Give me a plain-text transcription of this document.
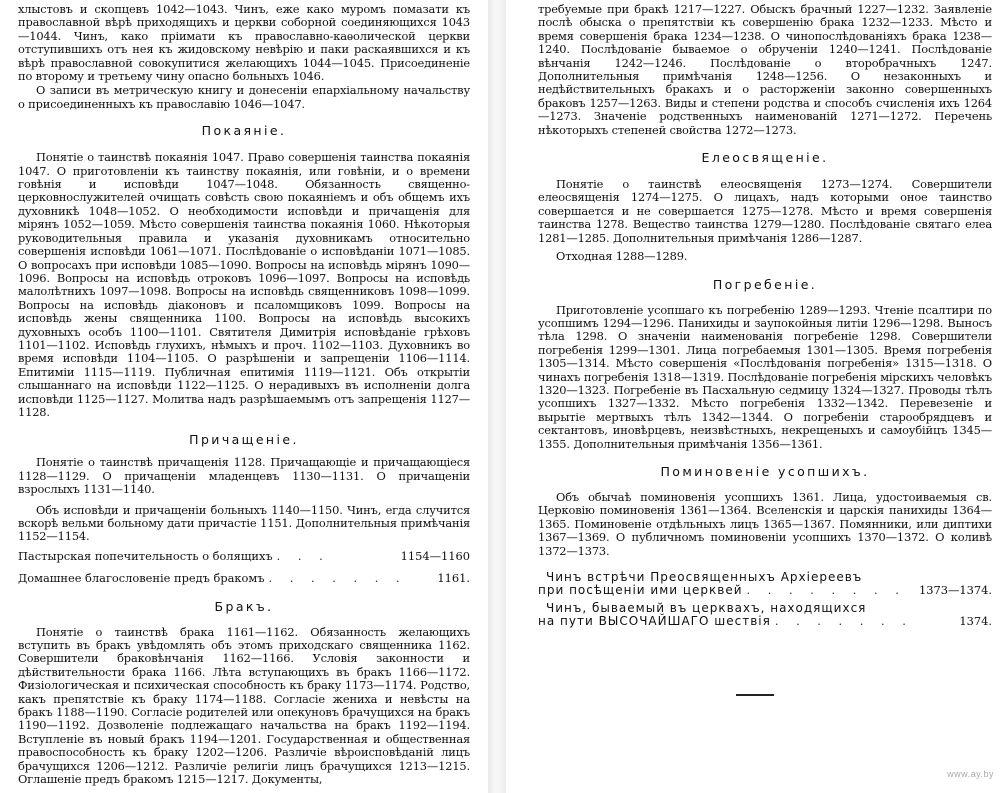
хлыстовъ и скопцевъ 1042—1043. Чинъ, еже како муромъ помазати къ православной вѣрѣ приходящихъ и церкви соборной соединяющихся 1043—1044. Чинъ, како пріимати къ православно-каѳолической церкви отступившихъ отъ нея къ жидовскому невѣрію и паки раскаявшихся и къ вѣрѣ православной совокупитися желающихъ 1044—1045. Присоединеніе по второму и третьему чину опасно больныхъ 1046.

О записи въ метрическую книгу и донесеніи епархіальному начальству о присоединенныхъ къ православію 1046—1047.

Покаяніе.

Понятіе о таинствѣ покаянія 1047. Право совершенія таинства покаянія 1047. О приготовленіи къ таинству покаянія, или говѣніи, и о времени говѣнія и исповѣди 1047—1048. Обязанность священно-церковнослужителей очищать совѣсть свою покаяніемъ и объ общемъ ихъ духовникѣ 1048—1052. О необходимости исповѣди и причащенія для мірянъ 1052—1059. Мѣсто совершенія таинства покаянія 1060. Нѣкоторыя руководительныя правила и указанія духовникамъ относительно совершенія исповѣди 1061—1071. Послѣдованіе о исповѣданіи 1071—1085. О вопросахъ при исповѣди 1085—1090. Вопросы на исповѣдь мірянъ 1090—1096. Вопросы на исповѣдь отроковъ 1096—1097. Вопросы на исповѣдь малолѣтнихъ 1097—1098. Вопросы на исповѣдь священниковъ 1098—1099. Вопросы на исповѣдь діаконовъ и псаломщиковъ 1099. Вопросы на исповѣдь жены священника 1100. Вопросы на исповѣдь высокихъ духовныхъ особъ 1100—1101. Святителя Димитрія исповѣданіе грѣховъ 1101—1102. Исповѣдь глухихъ, нѣмыхъ и проч. 1102—1103. Духовникъ во время исповѣди 1104—1105. О разрѣшеніи и запрещеніи 1106—1114. Епитиміи 1115—1119. Публичная епитимія 1119—1121. Объ открытіи слышаннаго на исповѣди 1122—1125. О нерадивыхъ въ исполненіи долга исповѣди 1125—1127. Молитва надъ разрѣшаемымъ отъ запрещенія 1127—1128.

Причащеніе.

Понятіе о таинствѣ причащенія 1128. Причащающіе и причащающіеся 1128—1129. О причащеніи младенцевъ 1130—1131. О причащеніи взрослыхъ 1131—1140.

Объ исповѣди и причащеніи больныхъ 1140—1150. Чинъ, егда случится вскорѣ вельми больному дати причастіе 1151. Дополнительныя примѣчанія 1152—1154.

Пастырская попечительность о болящихъ . . .	1154—1160
Домашнее благословеніе предъ бракомъ . . . . . . .	1161.
Бракъ.

Понятіе о таинствѣ брака 1161—1162. Обязанность желающихъ вступить въ бракъ увѣдомлять объ этомъ приходскаго священника 1162. Совершители браковѣнчанія 1162—1166. Условія законности и дѣйствительности брака 1166. Лѣта вступающихъ въ бракъ 1166—1172. Физіологическая и психическая способность къ браку 1173—1174. Родство, какъ препятствіе къ браку 1174—1188. Согласіе жениха и невѣсты на бракъ 1188—1190. Согласіе родителей или опекуновъ брачущихся на бракъ 1190—1192. Дозволеніе подлежащаго начальства на бракъ 1192—1194. Вступленіе въ новый бракъ 1194—1201. Государственная и общественная правоспособность къ браку 1202—1206. Различіе вѣроисповѣданій лицъ брачущихся 1206—1212. Различіе религіи лицъ брачущихся 1213—1215. Оглашеніе предъ бракомъ 1215—1217. Документы,

требуемые при бракѣ 1217—1227. Обыскъ брачный 1227—1232. Заявленіе послѣ обыска о препятствіи къ совершенію брака 1232—1233. Мѣсто и время совершенія брака 1234—1238. О чинопослѣдованіяхъ брака 1238—1240. Послѣдованіе бываемое о обрученіи 1240—1241. Послѣдованіе вѣнчанія 1242—1246. Послѣдованіе о второбрачныхъ 1247. Дополнительныя примѣчанія 1248—1256. О незаконныхъ и недѣйствительныхъ бракахъ и о расторженіи законно совершенныхъ браковъ 1257—1263. Виды и степени родства и способъ счисленія ихъ 1264—1273. Значеніе родственныхъ наименованій 1271—1272. Перечень нѣкоторыхъ степеней свойства 1272—1273.

Елеосвященіе.

Понятіе о таинствѣ елеосвященія 1273—1274. Совершители елеосвященія 1274—1275. О лицахъ, надъ которыми оное таинство совершается и не совершается 1275—1278. Мѣсто и время совершенія таинства 1278. Вещество таинства 1279—1280. Послѣдованіе святаго елеа 1281—1285. Дополнительныя примѣчанія 1286—1287.

Отходная 1288—1289.

Погребеніе.

Приготовленіе усопшаго къ погребенію 1289—1293. Чтеніе псалтири по усопшимъ 1294—1296. Панихиды и заупокойныя литіи 1296—1298. Выносъ тѣла 1298. О значеніи наименованія погребеніе 1298. Совершители погребенія 1299—1301. Лица погребаемыя 1301—1305. Время погребенія 1305—1314. Мѣсто совершенія «Послѣдованія погребенія» 1315—1318. О чинахъ погребенія 1318—1319. Послѣдованіе погребенія мірскихъ человѣкъ 1320—1323. Погребеніе въ Пасхальную седмицу 1324—1327. Проводы тѣлъ усопшихъ 1327—1332. Мѣсто погребенія 1332—1342. Перевезеніе и вырытіе мертвыхъ тѣлъ 1342—1344. О погребеніи старообрядцевъ и сектантовъ, иновѣрцевъ, неизвѣстныхъ, некрещеныхъ и самоубійцъ 1345—1355. Дополнительныя примѣчанія 1356—1361.

Поминовеніе усопшихъ.

Объ обычаѣ поминовенія усопшихъ 1361. Лица, удостоиваемыя св. Церковію поминовенія 1361—1364. Вселенскія и царскія панихиды 1364—1365. Поминовеніе отдѣльныхъ лицъ 1365—1367. Помянники, или диптихи 1367—1369. О публичномъ поминовеніи усопшихъ 1370—1372. О коливѣ 1372—1373.

Чинъ встрѣчи Преосвященныхъ Архіереевъ
при посѣщеніи ими церквей . . . . . . . .	1373—1374.
Чинъ, бываемый въ церквахъ, находящихся
на пути ВЫСОЧАЙШАГО шествія . . . . . . .	1374.
www.ay.by
